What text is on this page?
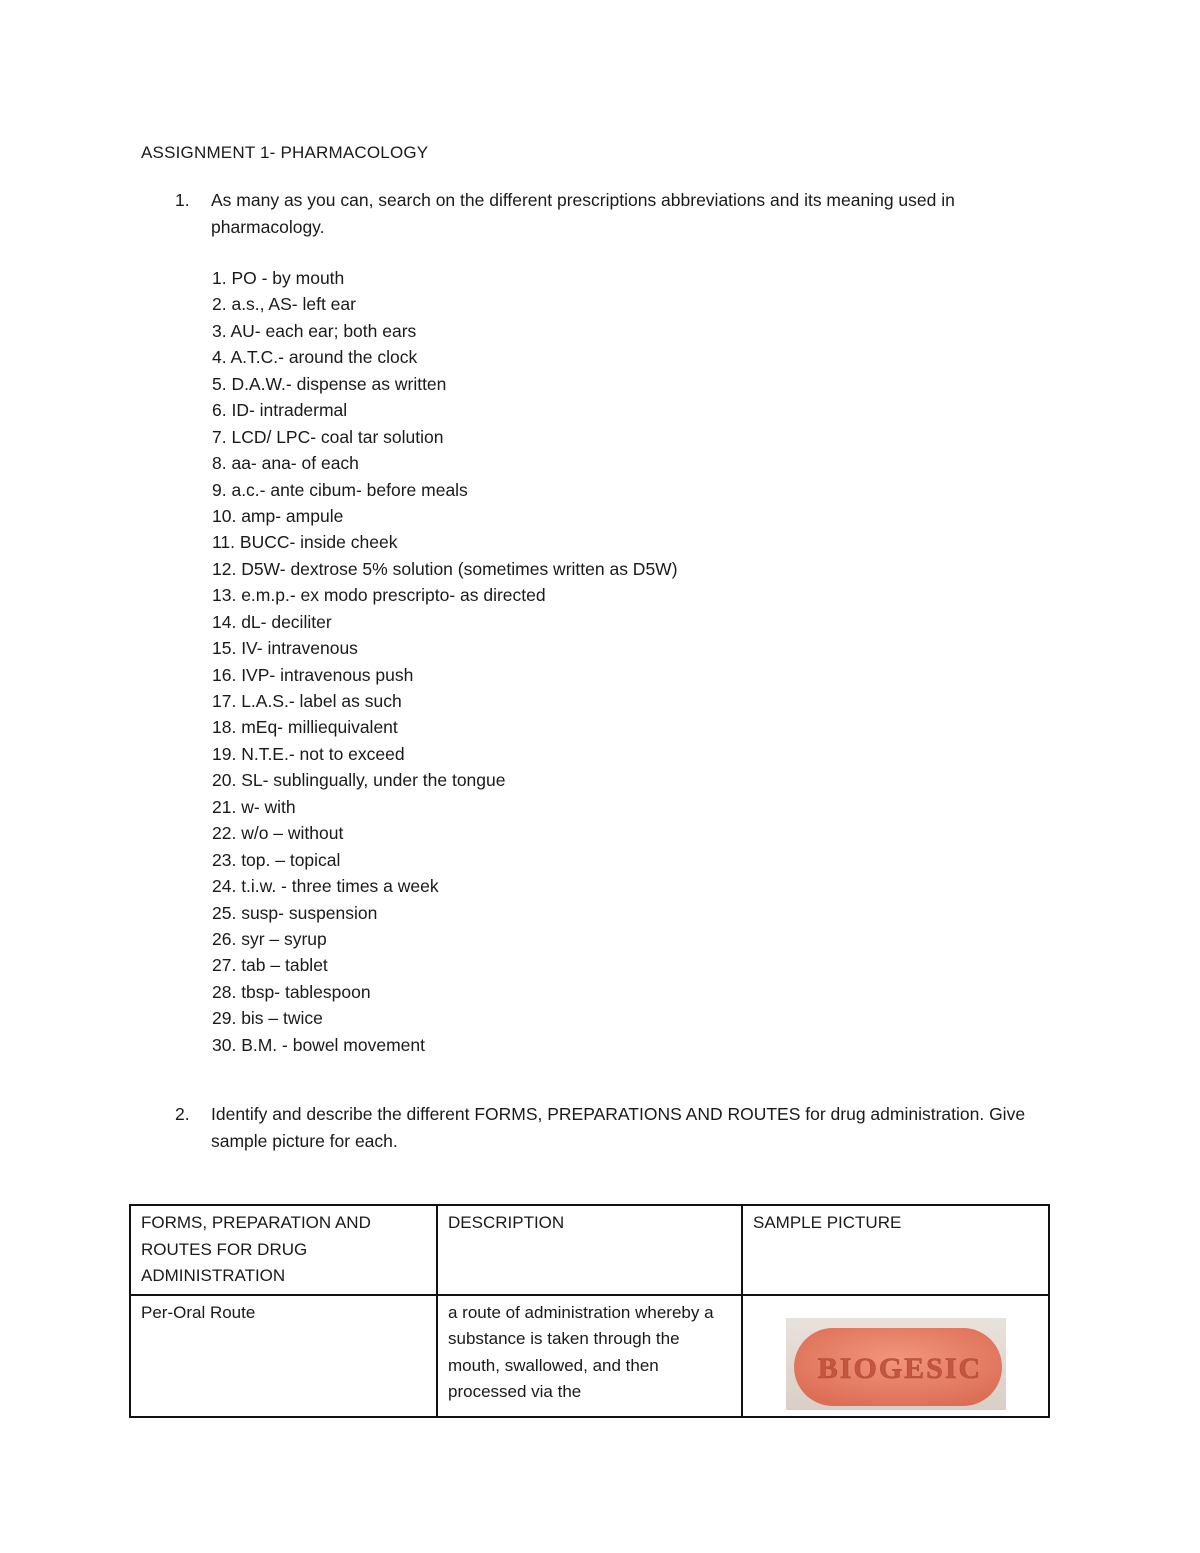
ASSIGNMENT 1- PHARMACOLOGY
1. As many as you can, search on the different prescriptions abbreviations and its meaning used in pharmacology.
1. PO - by mouth
2. a.s., AS- left ear
3. AU- each ear; both ears
4. A.T.C.- around the clock
5. D.A.W.- dispense as written
6. ID- intradermal
7. LCD/ LPC- coal tar solution
8. aa- ana- of each
9. a.c.- ante cibum- before meals
10. amp- ampule
11. BUCC- inside cheek
12. D5W- dextrose 5% solution (sometimes written as D5W)
13. e.m.p.- ex modo prescripto- as directed
14. dL- deciliter
15. IV- intravenous
16. IVP- intravenous push
17. L.A.S.- label as such
18. mEq- milliequivalent
19. N.T.E.- not to exceed
20. SL- sublingually, under the tongue
21. w- with
22. w/o – without
23. top. – topical
24. t.i.w. - three times a week
25. susp- suspension
26. syr – syrup
27. tab – tablet
28. tbsp- tablespoon
29. bis – twice
30. B.M. - bowel movement
2. Identify and describe the different FORMS, PREPARATIONS AND ROUTES for drug administration. Give sample picture for each.
FORMS, PREPARATION AND ROUTES FOR DRUG ADMINISTRATION	DESCRIPTION	SAMPLE PICTURE
Per-Oral Route	a route of administration whereby a substance is taken through the mouth, swallowed, and then processed via the	BIOGESIC
